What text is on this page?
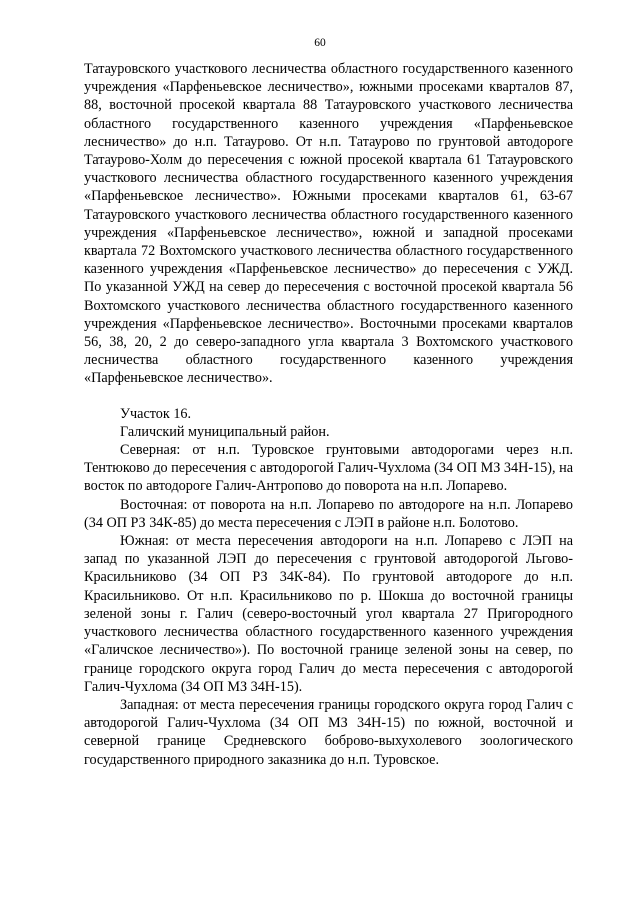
60

Татауровского участкового лесничества областного государственного казенного учреждения «Парфеньевское лесничество», южными просеками кварталов 87, 88, восточной просекой квартала 88 Татауровского участкового лесничества областного государственного казенного учреждения «Парфеньевское лесничество» до н.п. Татаурово. От н.п. Татаурово по грунтовой автодороге Татаурово-Холм до пересечения с южной просекой квартала 61 Татауровского участкового лесничества областного государственного казенного учреждения «Парфеньевское лесничество». Южными просеками кварталов 61, 63-67 Татауровского участкового лесничества областного государственного казенного учреждения «Парфеньевское лесничество», южной и западной просеками квартала 72 Вохтомского участкового лесничества областного государственного казенного учреждения «Парфеньевское лесничество» до пересечения с УЖД. По указанной УЖД на север до пересечения с восточной просекой квартала 56 Вохтомского участкового лесничества областного государственного казенного учреждения «Парфеньевское лесничество». Восточными просеками кварталов 56, 38, 20, 2 до северо-западного угла квартала 3 Вохтомского участкового лесничества областного государственного казенного учреждения «Парфеньевское лесничество».

Участок 16.

Галичский муниципальный район.

Северная: от н.п. Туровское грунтовыми автодорогами через н.п. Тентюково до пересечения с автодорогой Галич-Чухлома (34 ОП МЗ 34Н-15), на восток по автодороге Галич-Антропово до поворота на н.п. Лопарево.

Восточная: от поворота на н.п. Лопарево по автодороге на н.п. Лопарево (34 ОП РЗ 34К-85) до места пересечения с ЛЭП в районе н.п. Болотово.

Южная: от места пересечения автодороги на н.п. Лопарево с ЛЭП на запад по указанной ЛЭП до пересечения с грунтовой автодорогой Льгово-Красильниково (34 ОП РЗ 34К-84). По грунтовой автодороге до н.п. Красильниково. От н.п. Красильниково по р. Шокша до восточной границы зеленой зоны г. Галич (северо-восточный угол квартала 27 Пригородного участкового лесничества областного государственного казенного учреждения «Галичское лесничество»). По восточной границе зеленой зоны на север, по границе городского округа город Галич до места пересечения с автодорогой Галич-Чухлома (34 ОП МЗ 34Н-15).

Западная: от места пересечения границы городского округа город Галич с автодорогой Галич-Чухлома (34 ОП МЗ 34Н-15) по южной, восточной и северной границе Средневского боброво-выхухолевого зоологического государственного природного заказника до н.п. Туровское.
